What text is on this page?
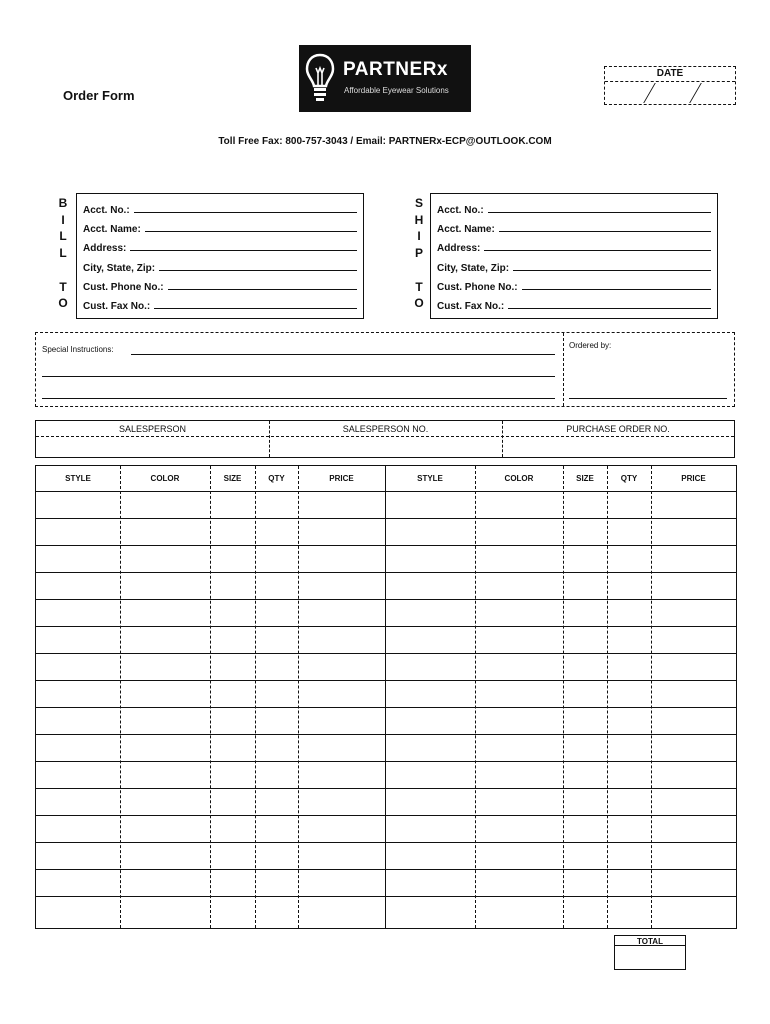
Order Form
PARTNERx
Affordable Eyewear Solutions
DATE
Toll Free Fax: 800-757-3043 / Email: PARTNERx-ECP@OUTLOOK.COM
B
I
L
L
T
O
Acct. No.:
Acct. Name:
Address:
City, State, Zip:
Cust. Phone No.:
Cust. Fax No.:
S
H
I
P
T
O
Acct. No.:
Acct. Name:
Address:
City, State, Zip:
Cust. Phone No.:
Cust. Fax No.:
Special Instructions:	Ordered by:
SALESPERSON	SALESPERSON NO.	PURCHASE ORDER NO.
STYLE	COLOR	SIZE	QTY	PRICE	STYLE	COLOR	SIZE	QTY	PRICE
TOTAL
